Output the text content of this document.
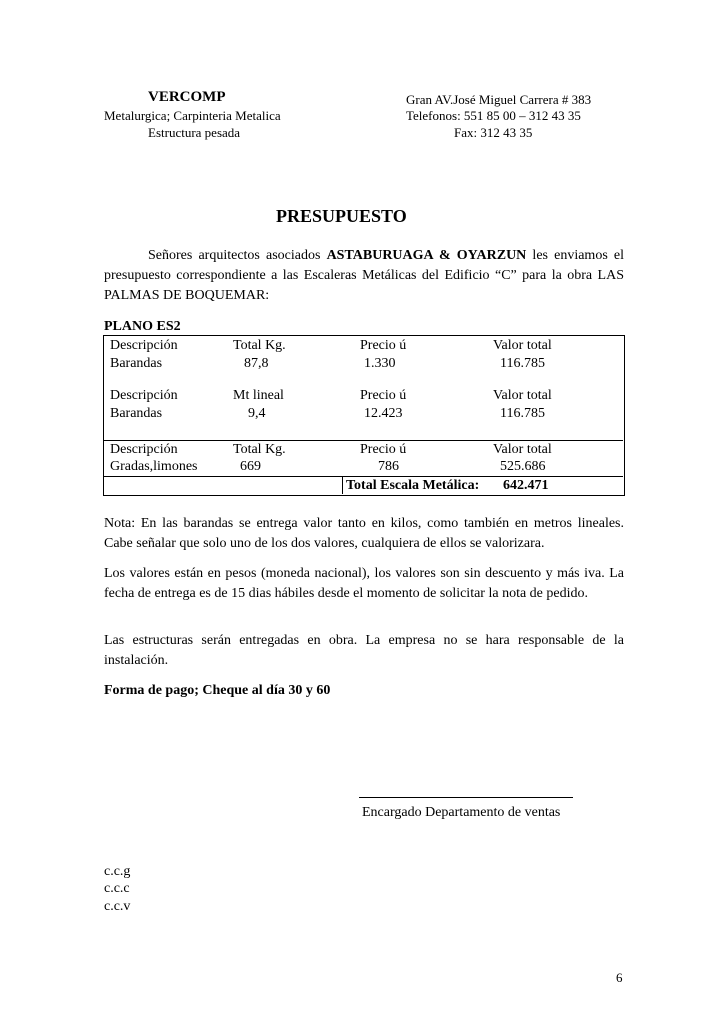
VERCOMP
Metalurgica; Carpinteria Metalica
Estructura pesada
Gran AV.José Miguel Carrera # 383
Telefonos: 551 85 00 – 312 43 35
Fax: 312 43 35
PRESUPUESTO
Señores arquitectos asociados ASTABURUAGA & OYARZUN les enviamos el presupuesto correspondiente a las Escaleras Metálicas del Edificio “C” para la obra LAS PALMAS DE BOQUEMAR:
PLANO ES2
Descripción	Total Kg.	Precio ú	Valor total
Barandas	87,8	1.330	116.785
Descripción	Mt lineal	Precio ú	Valor total
Barandas	9,4	12.423	116.785
Descripción	Total Kg.	Precio ú	Valor total
Gradas,limones	669	786	525.686
Total Escala Metálica: 642.471
Nota: En las barandas se entrega valor tanto en kilos, como también en metros lineales. Cabe señalar que solo uno de los dos valores, cualquiera de ellos se valorizara.
Los valores están en pesos (moneda nacional), los valores son sin descuento y más iva. La fecha de entrega es de 15 dias hábiles desde el momento de solicitar la nota de pedido.
Las estructuras serán entregadas en obra. La empresa no se hara responsable de la instalación.
Forma de pago; Cheque al día 30 y 60
Encargado Departamento de ventas
c.c.g
c.c.c
c.c.v
6
